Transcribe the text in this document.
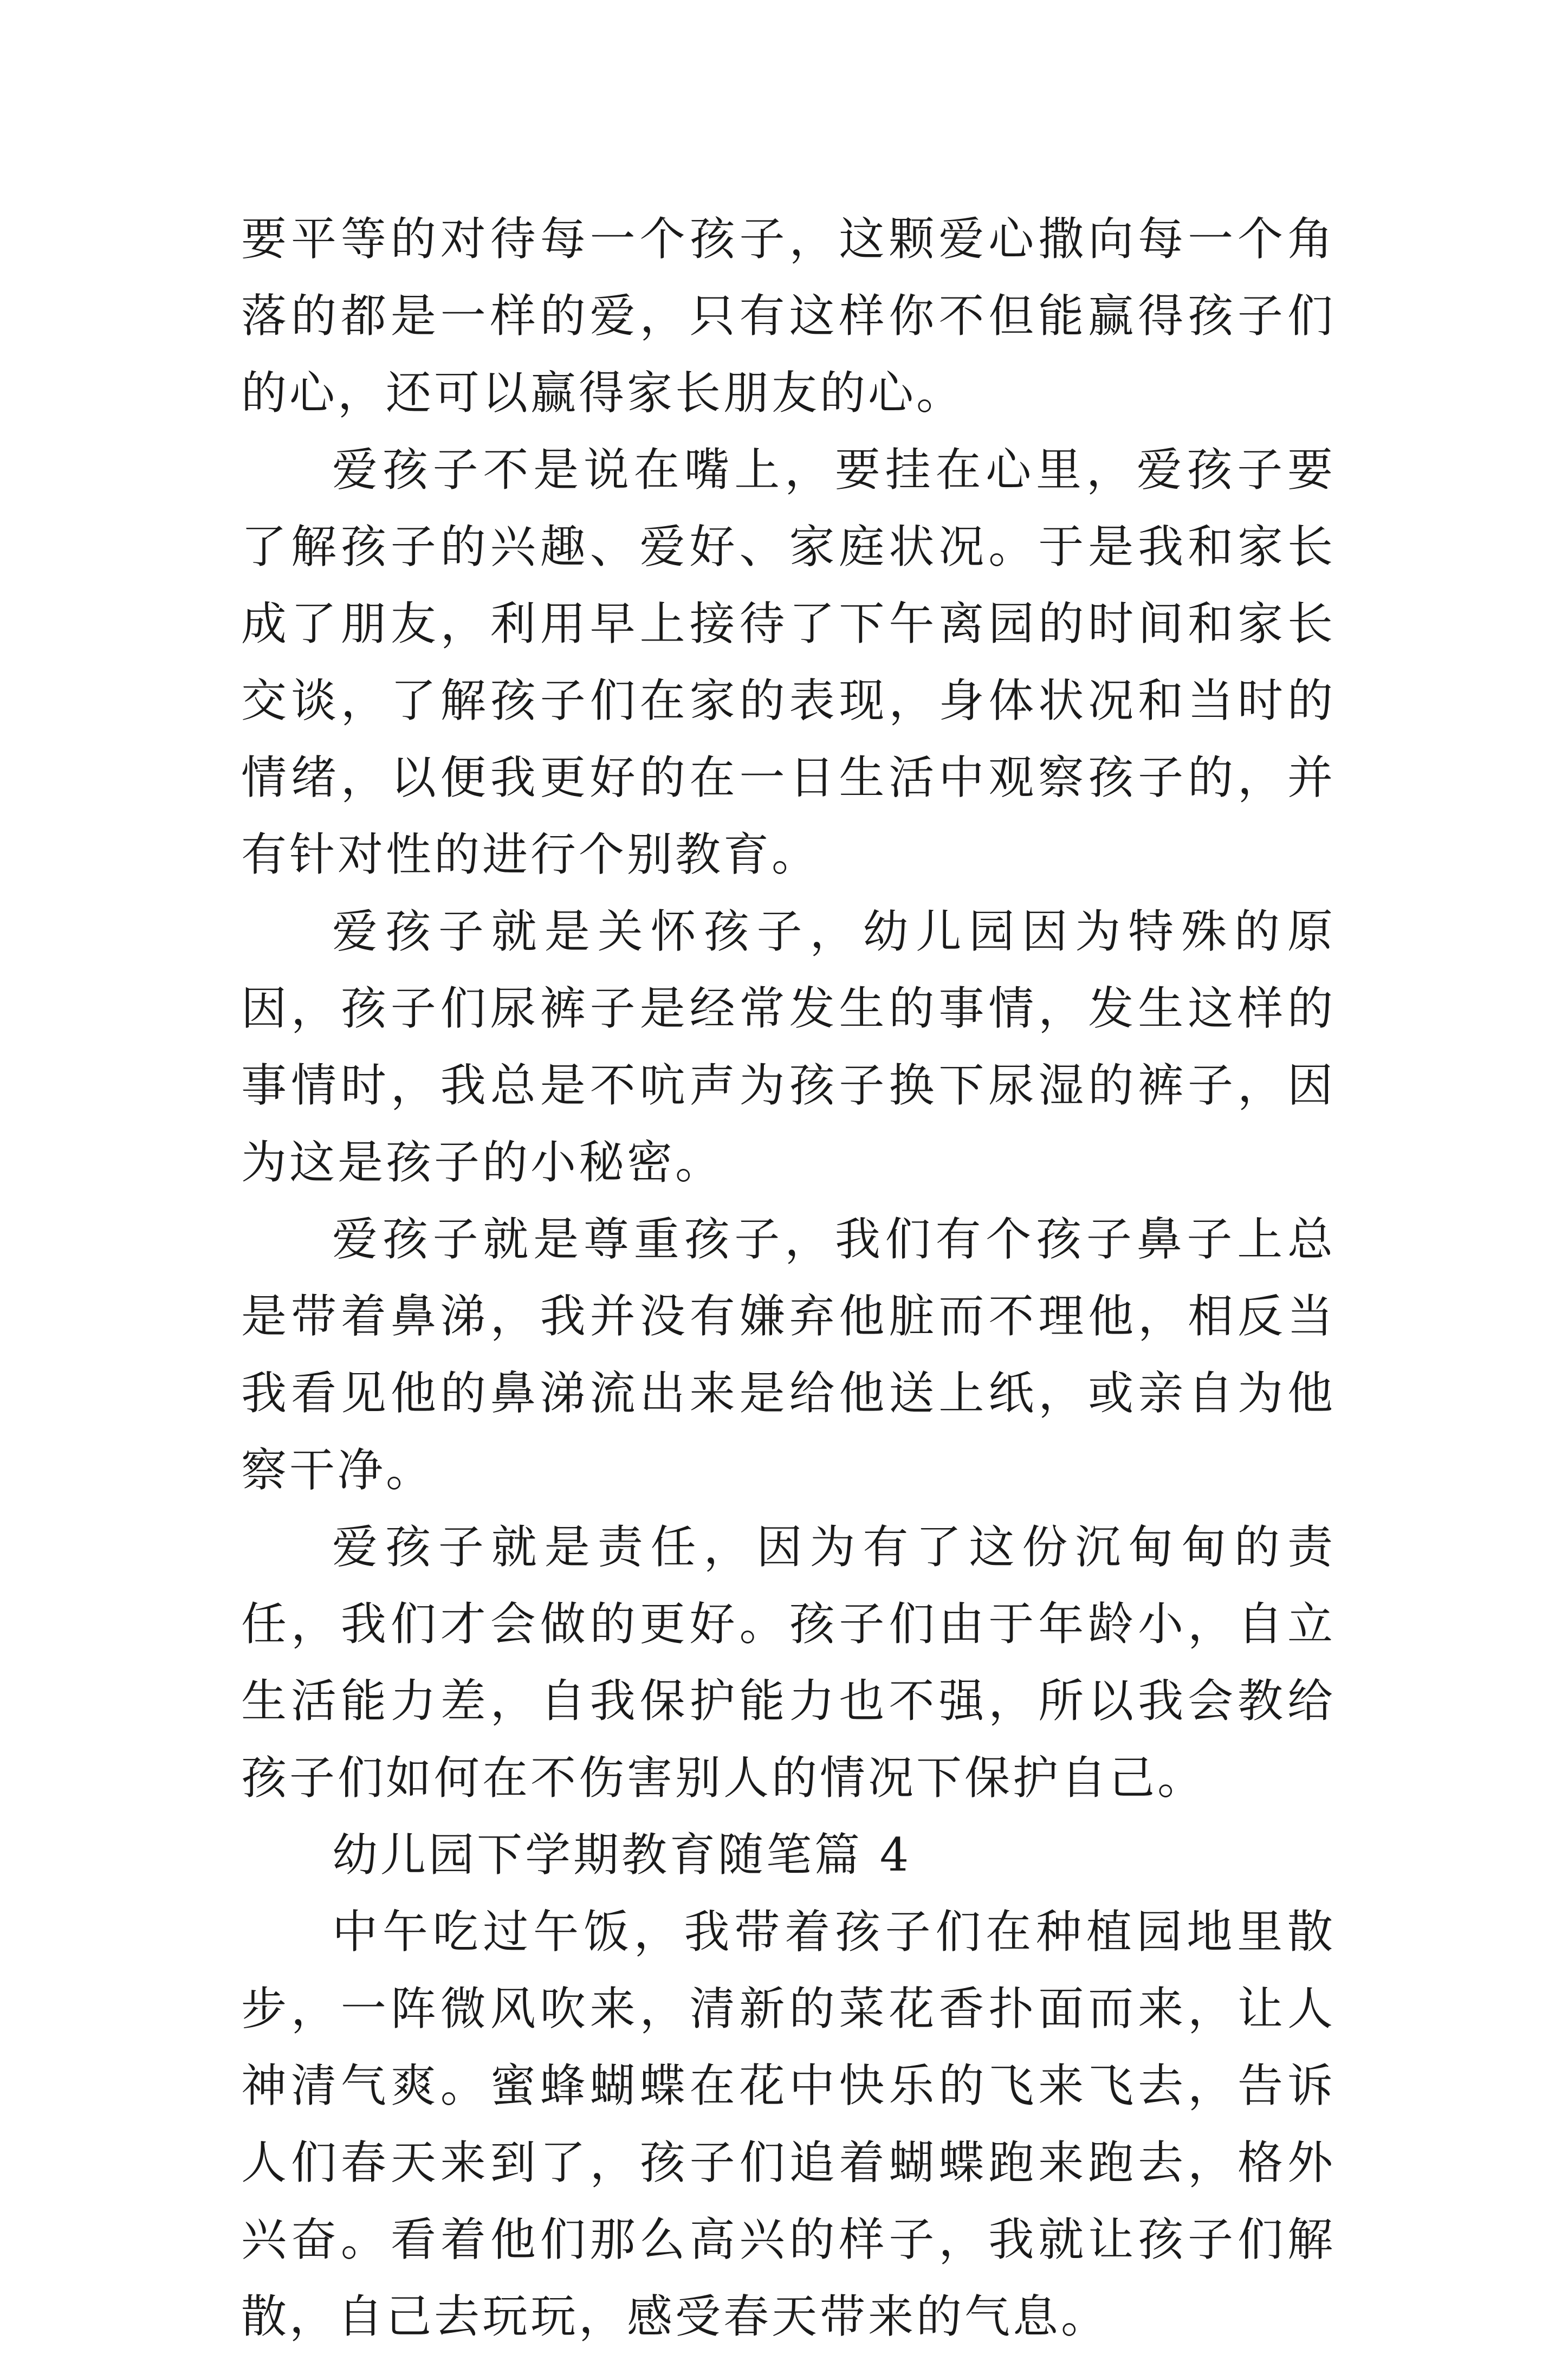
要平等的对待每一个孩子，这颗爱心撒向每一个角落的都是一样的爱，只有这样你不但能赢得孩子们的心，还可以赢得家长朋友的心。

爱孩子不是说在嘴上，要挂在心里，爱孩子要了解孩子的兴趣、爱好、家庭状况。于是我和家长成了朋友，利用早上接待了下午离园的时间和家长交谈，了解孩子们在家的表现，身体状况和当时的情绪，以便我更好的在一日生活中观察孩子的，并有针对性的进行个别教育。

爱孩子就是关怀孩子，幼儿园因为特殊的原因，孩子们尿裤子是经常发生的事情，发生这样的事情时，我总是不吭声为孩子换下尿湿的裤子，因为这是孩子的小秘密。

爱孩子就是尊重孩子，我们有个孩子鼻子上总是带着鼻涕，我并没有嫌弃他脏而不理他，相反当我看见他的鼻涕流出来是给他送上纸，或亲自为他察干净。

爱孩子就是责任，因为有了这份沉甸甸的责任，我们才会做的更好。孩子们由于年龄小，自立生活能力差，自我保护能力也不强，所以我会教给孩子们如何在不伤害别人的情况下保护自己。

幼儿园下学期教育随笔篇 4

中午吃过午饭，我带着孩子们在种植园地里散步，一阵微风吹来，清新的菜花香扑面而来，让人神清气爽。蜜蜂蝴蝶在花中快乐的飞来飞去，告诉人们春天来到了，孩子们追着蝴蝶跑来跑去，格外兴奋。看着他们那么高兴的样子，我就让孩子们解散，自己去玩玩，感受春天带来的气息。
